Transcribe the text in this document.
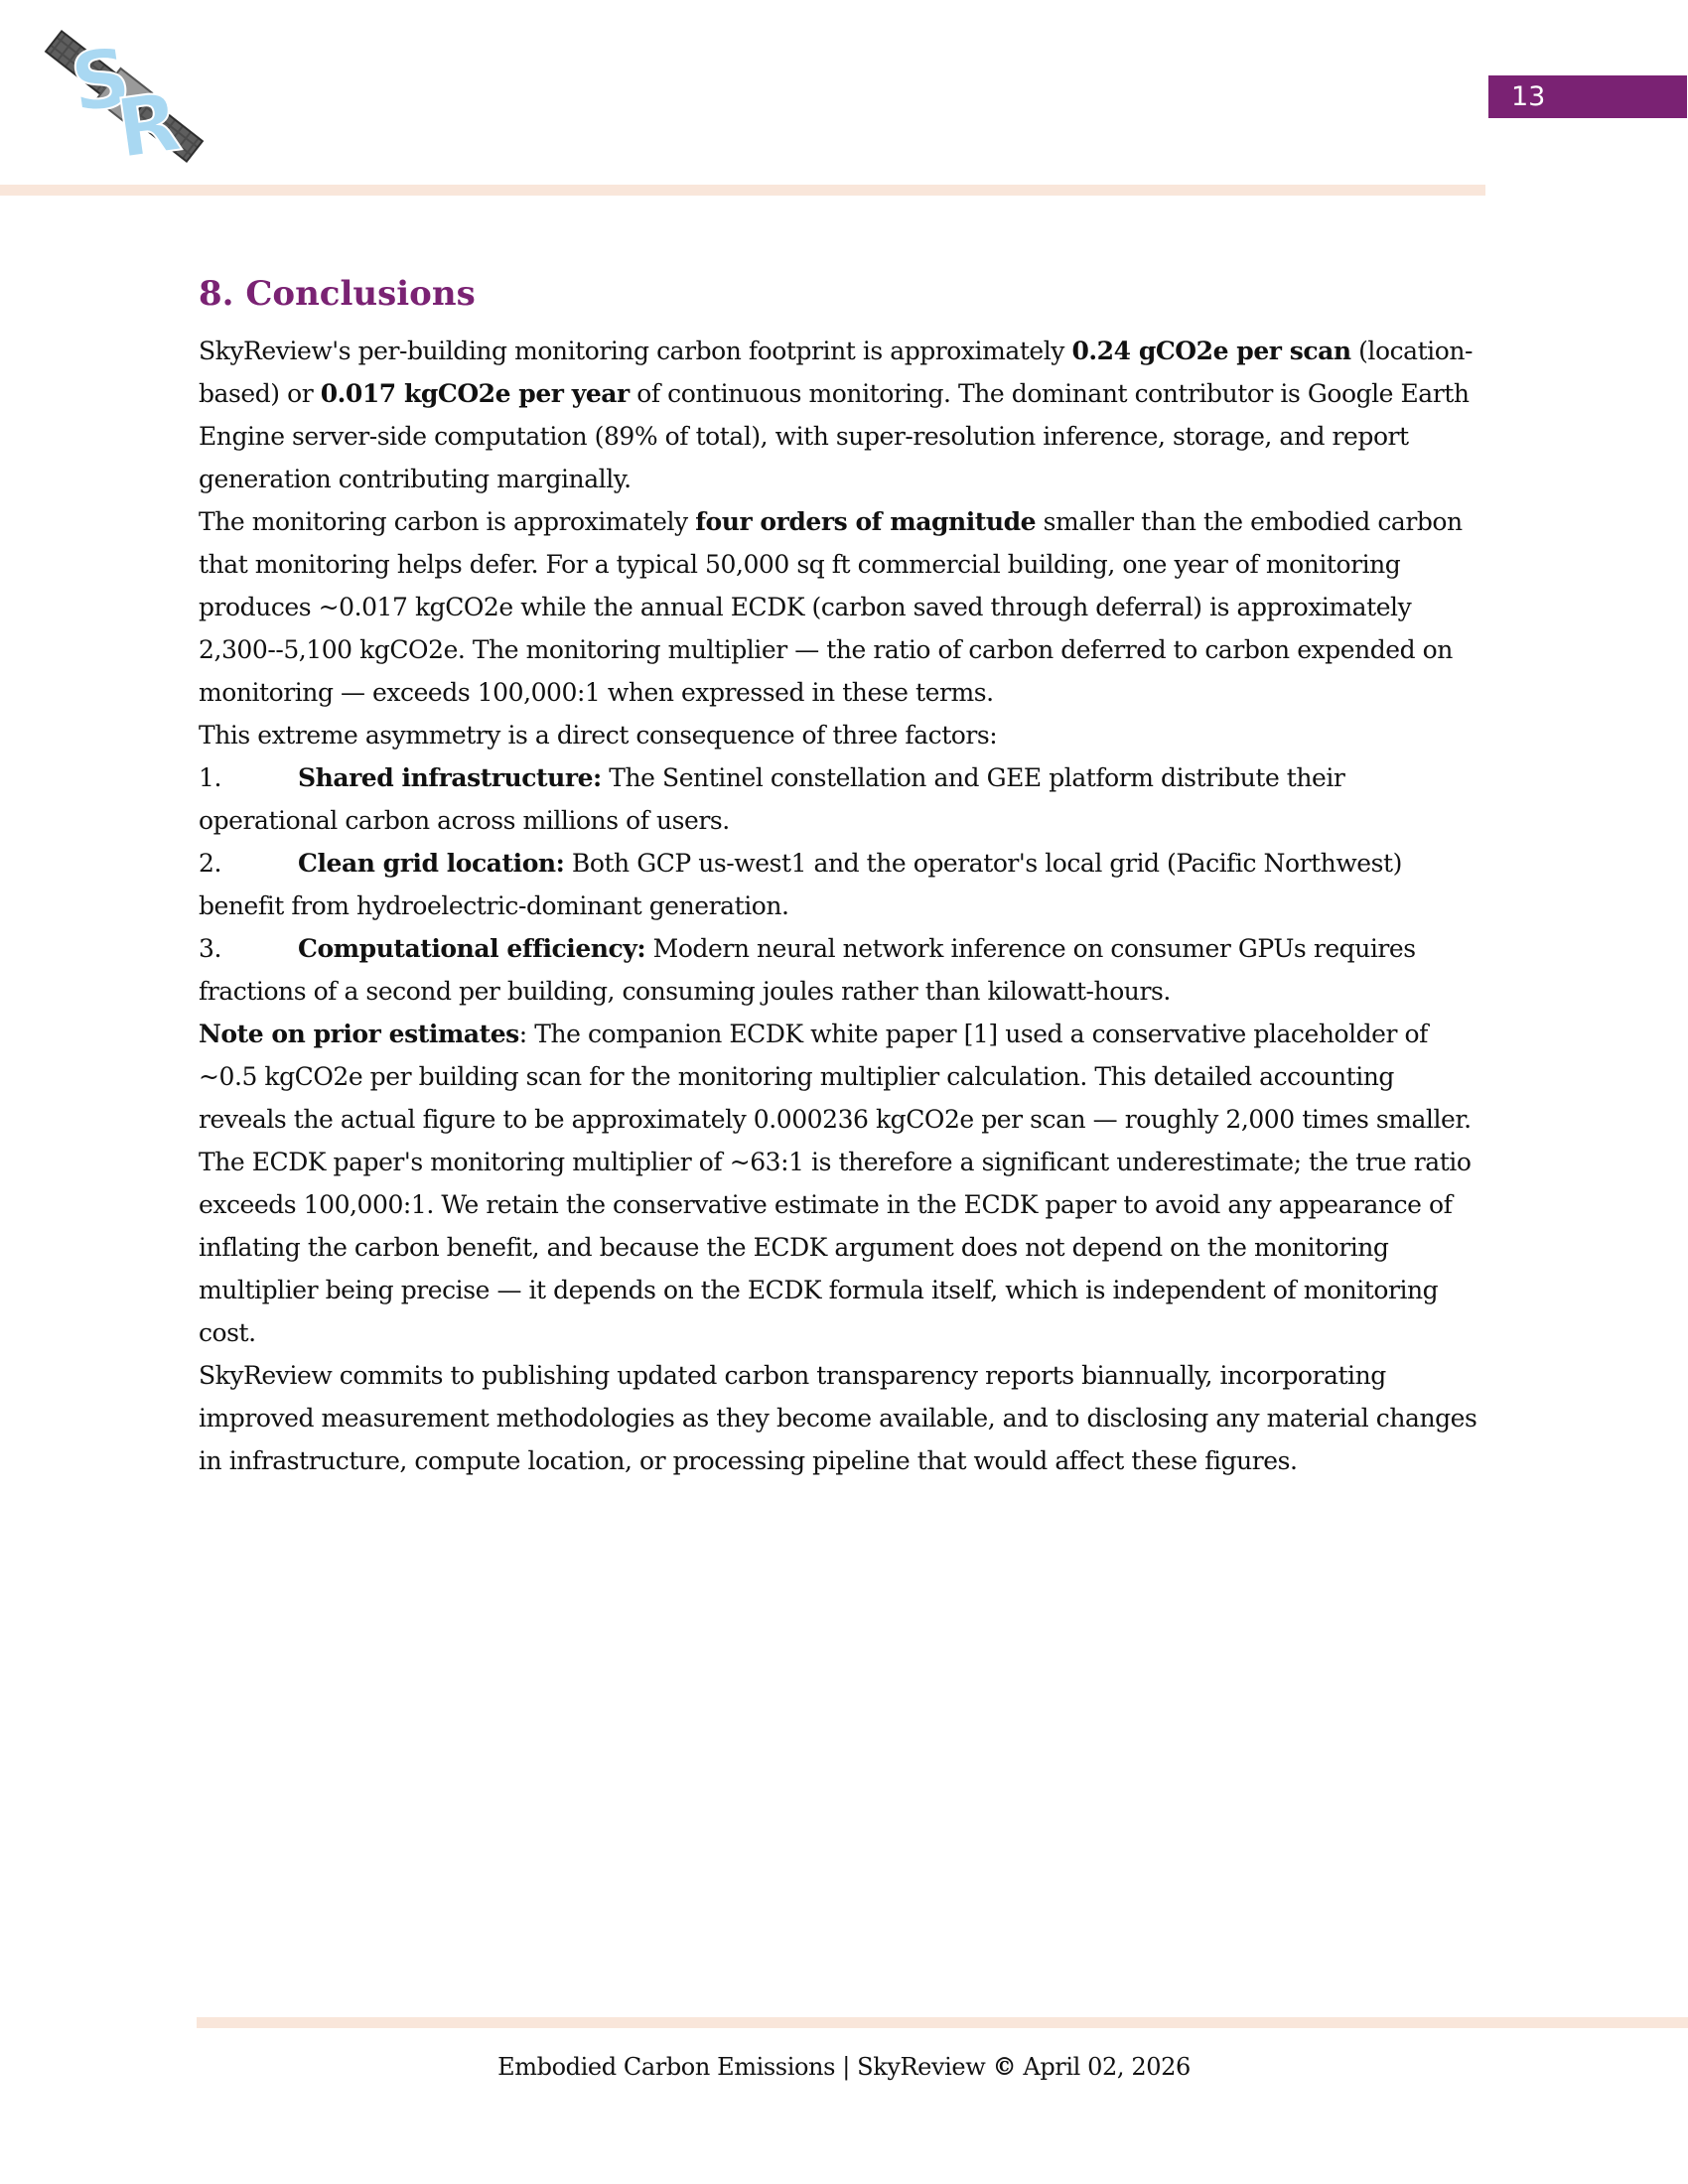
S
R	13
8. Conclusions

SkyReview's per-building monitoring carbon footprint is approximately 0.24 gCO2e per scan (location-based) or 0.017 kgCO2e per year of continuous monitoring. The dominant contributor is Google Earth Engine server-side computation (89% of total), with super-resolution inference, storage, and report generation contributing marginally.

The monitoring carbon is approximately four orders of magnitude smaller than the embodied carbon that monitoring helps defer. For a typical 50,000 sq ft commercial building, one year of monitoring produces ~0.017 kgCO2e while the annual ECDK (carbon saved through deferral) is approximately 2,300--5,100 kgCO2e. The monitoring multiplier — the ratio of carbon deferred to carbon expended on monitoring — exceeds 100,000:1 when expressed in these terms.

This extreme asymmetry is a direct consequence of three factors:

1.	Shared infrastructure: The Sentinel constellation and GEE platform distribute their operational carbon across millions of users.

2.	Clean grid location: Both GCP us-west1 and the operator's local grid (Pacific Northwest) benefit from hydroelectric-dominant generation.

3.	Computational efficiency: Modern neural network inference on consumer GPUs requires fractions of a second per building, consuming joules rather than kilowatt-hours.

Note on prior estimates: The companion ECDK white paper [1] used a conservative placeholder of ~0.5 kgCO2e per building scan for the monitoring multiplier calculation. This detailed accounting reveals the actual figure to be approximately 0.000236 kgCO2e per scan — roughly 2,000 times smaller. The ECDK paper's monitoring multiplier of ~63:1 is therefore a significant underestimate; the true ratio exceeds 100,000:1. We retain the conservative estimate in the ECDK paper to avoid any appearance of inflating the carbon benefit, and because the ECDK argument does not depend on the monitoring multiplier being precise — it depends on the ECDK formula itself, which is independent of monitoring cost.

SkyReview commits to publishing updated carbon transparency reports biannually, incorporating improved measurement methodologies as they become available, and to disclosing any material changes in infrastructure, compute location, or processing pipeline that would affect these figures.

Embodied Carbon Emissions | SkyReview © April 02, 2026
